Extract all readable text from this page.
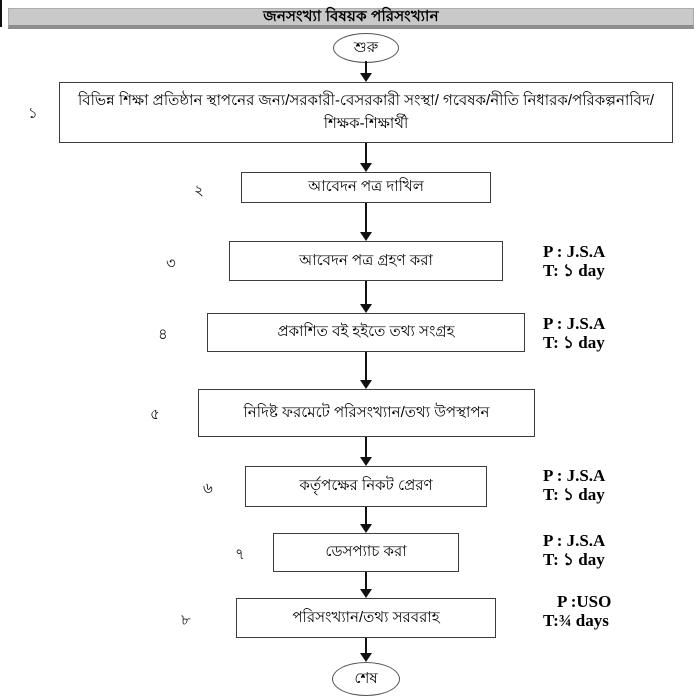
জনসংখ্যা বিষয়ক পরিসংখ্যান
শুরু
১
বিভিন্ন শিক্ষা প্রতিষ্ঠান স্থাপনের জন্য/সরকারী-বেসরকারী সংস্থা/ গবেষক/নীতি নিধারক/পরিকল্পনাবিদ/শিক্ষক-শিক্ষার্থী
২	আবেদন পত্র দাখিল
৩	আবেদন পত্র গ্রহণ করা	P : J.S.A
T: ১ day
৪	প্রকাশিত বই হইতে তথ্য সংগ্রহ	P : J.S.A
T: ১ day
৫	নিদিষ্ট ফরমেটে পরিসংখ্যান/তথ্য উপস্থাপন
৬	কর্তৃপক্ষের নিকট প্রেরণ
P : J.S.A
T: ১ day
৭	ডেসপ্যাচ করা
P : J.S.A
T: ১ day
৮	পরিসংখ্যান/তথ্য সরবরাহ
P :USO
T:¾ days
শেষ
